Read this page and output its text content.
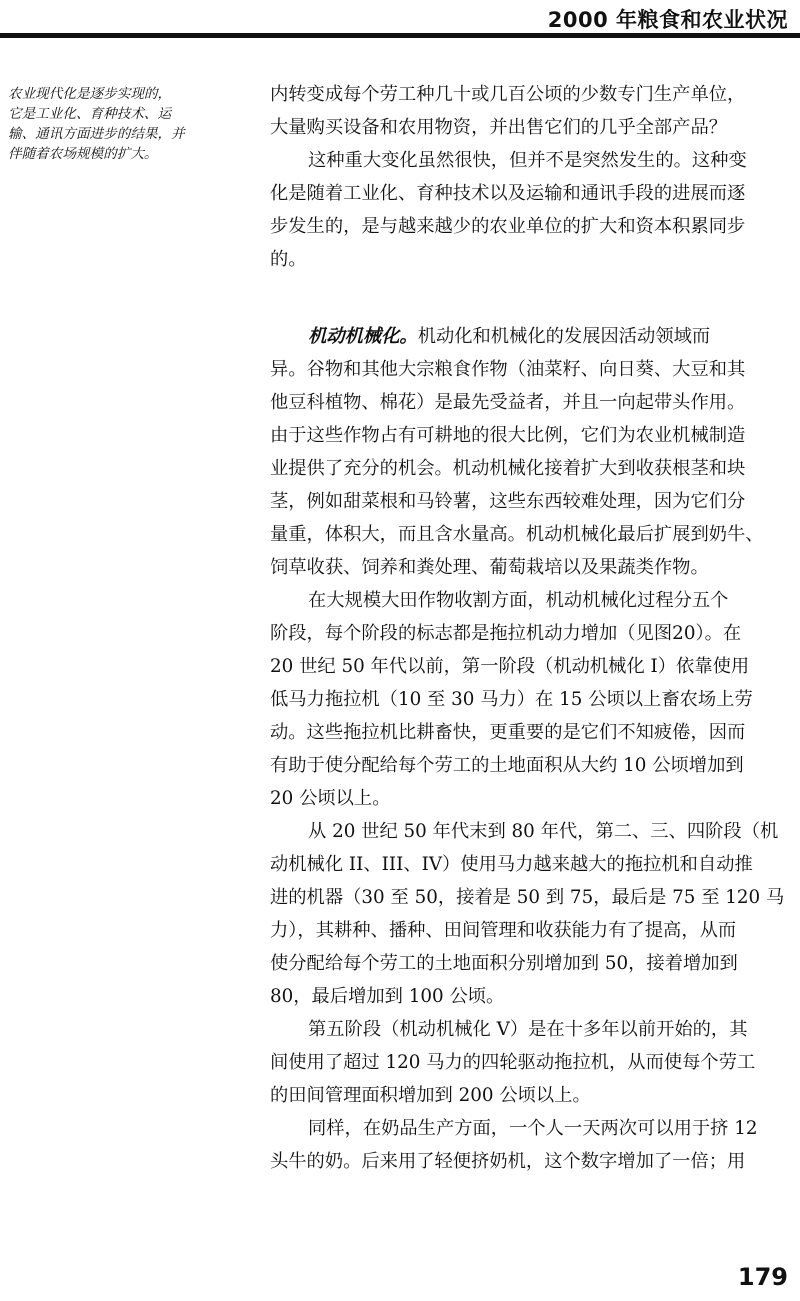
2000 年粮食和农业状况
农业现代化是逐步实现的，
它是工业化、育种技术、运
输、通讯方面进步的结果，并
伴随着农场规模的扩大。
内转变成每个劳工种几十或几百公顷的少数专门生产单位，
大量购买设备和农用物资，并出售它们的几乎全部产品？
这种重大变化虽然很快，但并不是突然发生的。这种变
化是随着工业化、育种技术以及运输和通讯手段的进展而逐
步发生的，是与越来越少的农业单位的扩大和资本积累同步
的。
机动机械化。机动化和机械化的发展因活动领域而
异。谷物和其他大宗粮食作物（油菜籽、向日葵、大豆和其
他豆科植物、棉花）是最先受益者，并且一向起带头作用。
由于这些作物占有可耕地的很大比例，它们为农业机械制造
业提供了充分的机会。机动机械化接着扩大到收获根茎和块
茎，例如甜菜根和马铃薯，这些东西较难处理，因为它们分
量重，体积大，而且含水量高。机动机械化最后扩展到奶牛、
饲草收获、饲养和粪处理、葡萄栽培以及果蔬类作物。
在大规模大田作物收割方面，机动机械化过程分五个
阶段，每个阶段的标志都是拖拉机动力增加（见图20）。在
20 世纪 50 年代以前，第一阶段（机动机械化 I）依靠使用
低马力拖拉机（10 至 30 马力）在 15 公顷以上畜农场上劳
动。这些拖拉机比耕畜快，更重要的是它们不知疲倦，因而
有助于使分配给每个劳工的土地面积从大约 10 公顷增加到
20 公顷以上。
从 20 世纪 50 年代末到 80 年代，第二、三、四阶段（机
动机械化 II、III、IV）使用马力越来越大的拖拉机和自动推
进的机器（30 至 50，接着是 50 到 75，最后是 75 至 120 马
力），其耕种、播种、田间管理和收获能力有了提高，从而
使分配给每个劳工的土地面积分别增加到 50，接着增加到
80，最后增加到 100 公顷。
第五阶段（机动机械化 V）是在十多年以前开始的，其
间使用了超过 120 马力的四轮驱动拖拉机，从而使每个劳工
的田间管理面积增加到 200 公顷以上。
同样，在奶品生产方面，一个人一天两次可以用于挤 12
头牛的奶。后来用了轻便挤奶机，这个数字增加了一倍；用
179
